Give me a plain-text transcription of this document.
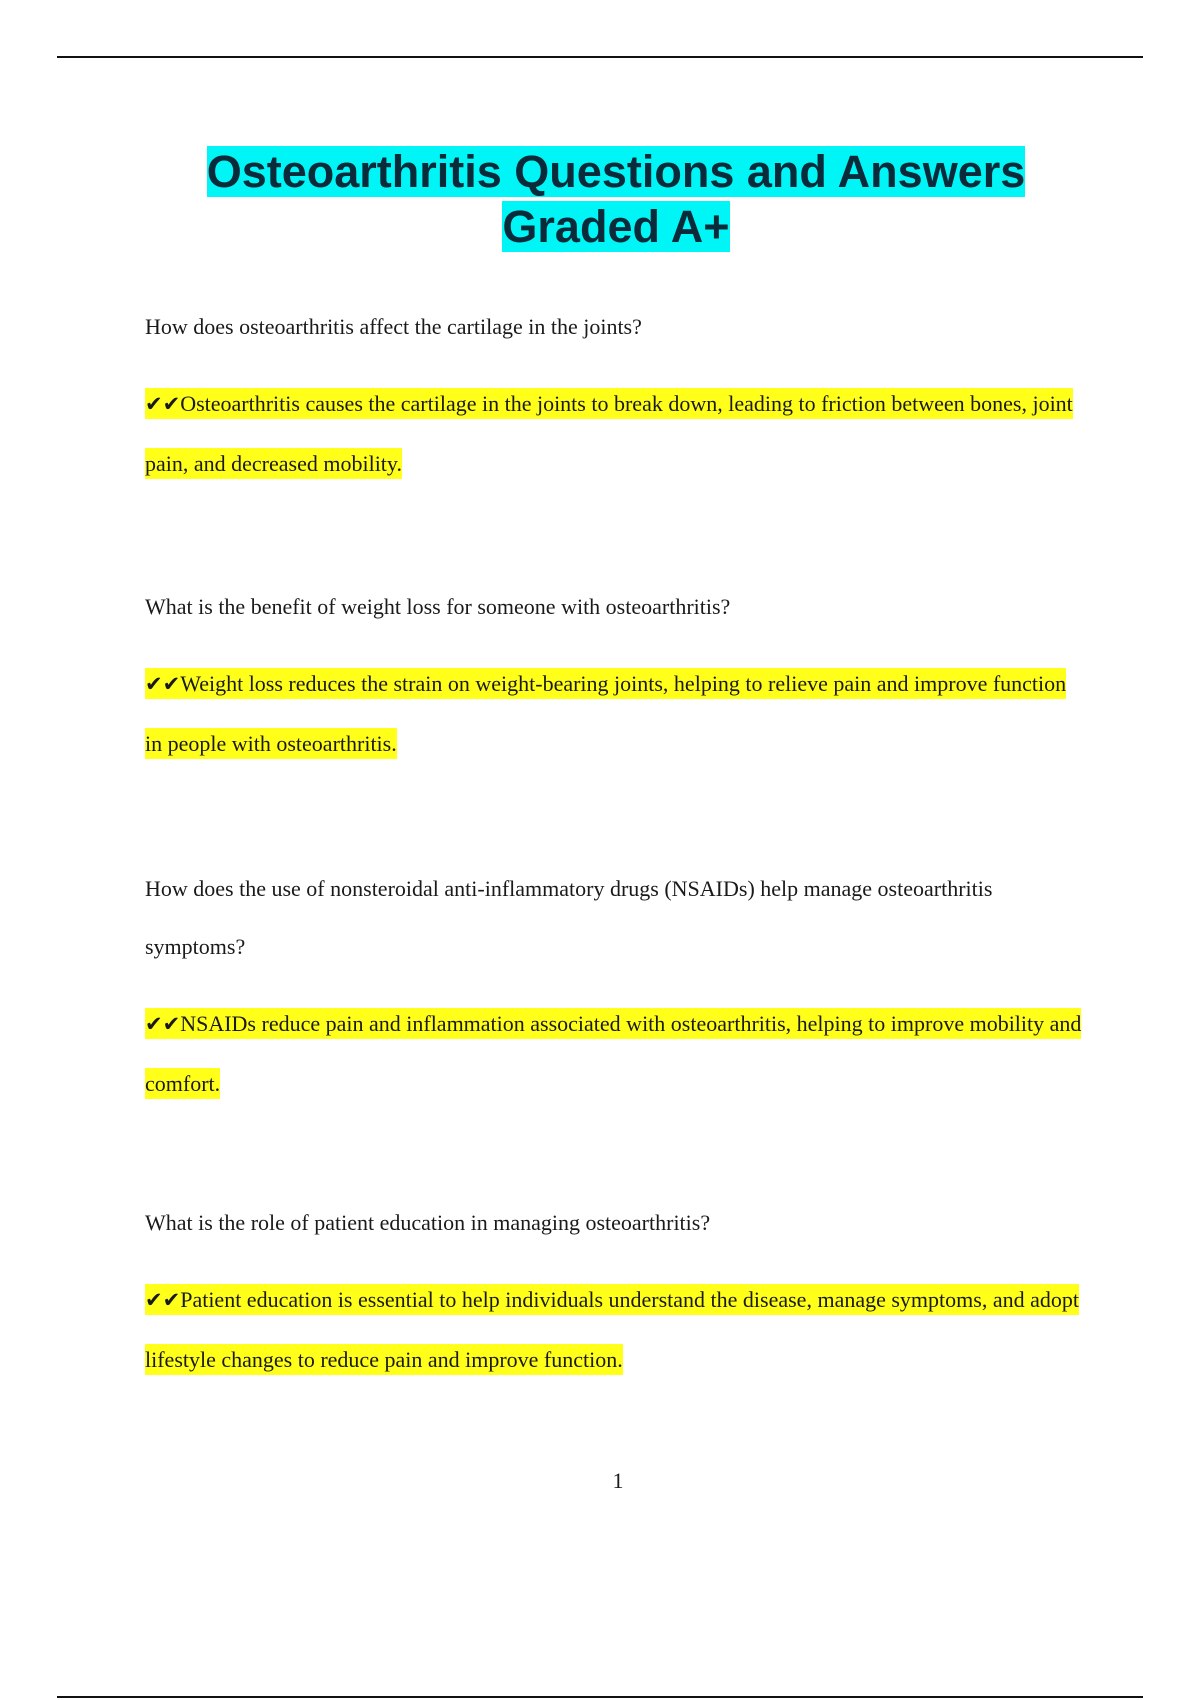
Osteoarthritis Questions and Answers
Graded A+
How does osteoarthritis affect the cartilage in the joints?
✔✔Osteoarthritis causes the cartilage in the joints to break down, leading to friction between bones, joint pain, and decreased mobility.
What is the benefit of weight loss for someone with osteoarthritis?
✔✔Weight loss reduces the strain on weight-bearing joints, helping to relieve pain and improve function in people with osteoarthritis.
How does the use of nonsteroidal anti-inflammatory drugs (NSAIDs) help manage osteoarthritis symptoms?
✔✔NSAIDs reduce pain and inflammation associated with osteoarthritis, helping to improve mobility and comfort.
What is the role of patient education in managing osteoarthritis?
✔✔Patient education is essential to help individuals understand the disease, manage symptoms, and adopt lifestyle changes to reduce pain and improve function.
1
